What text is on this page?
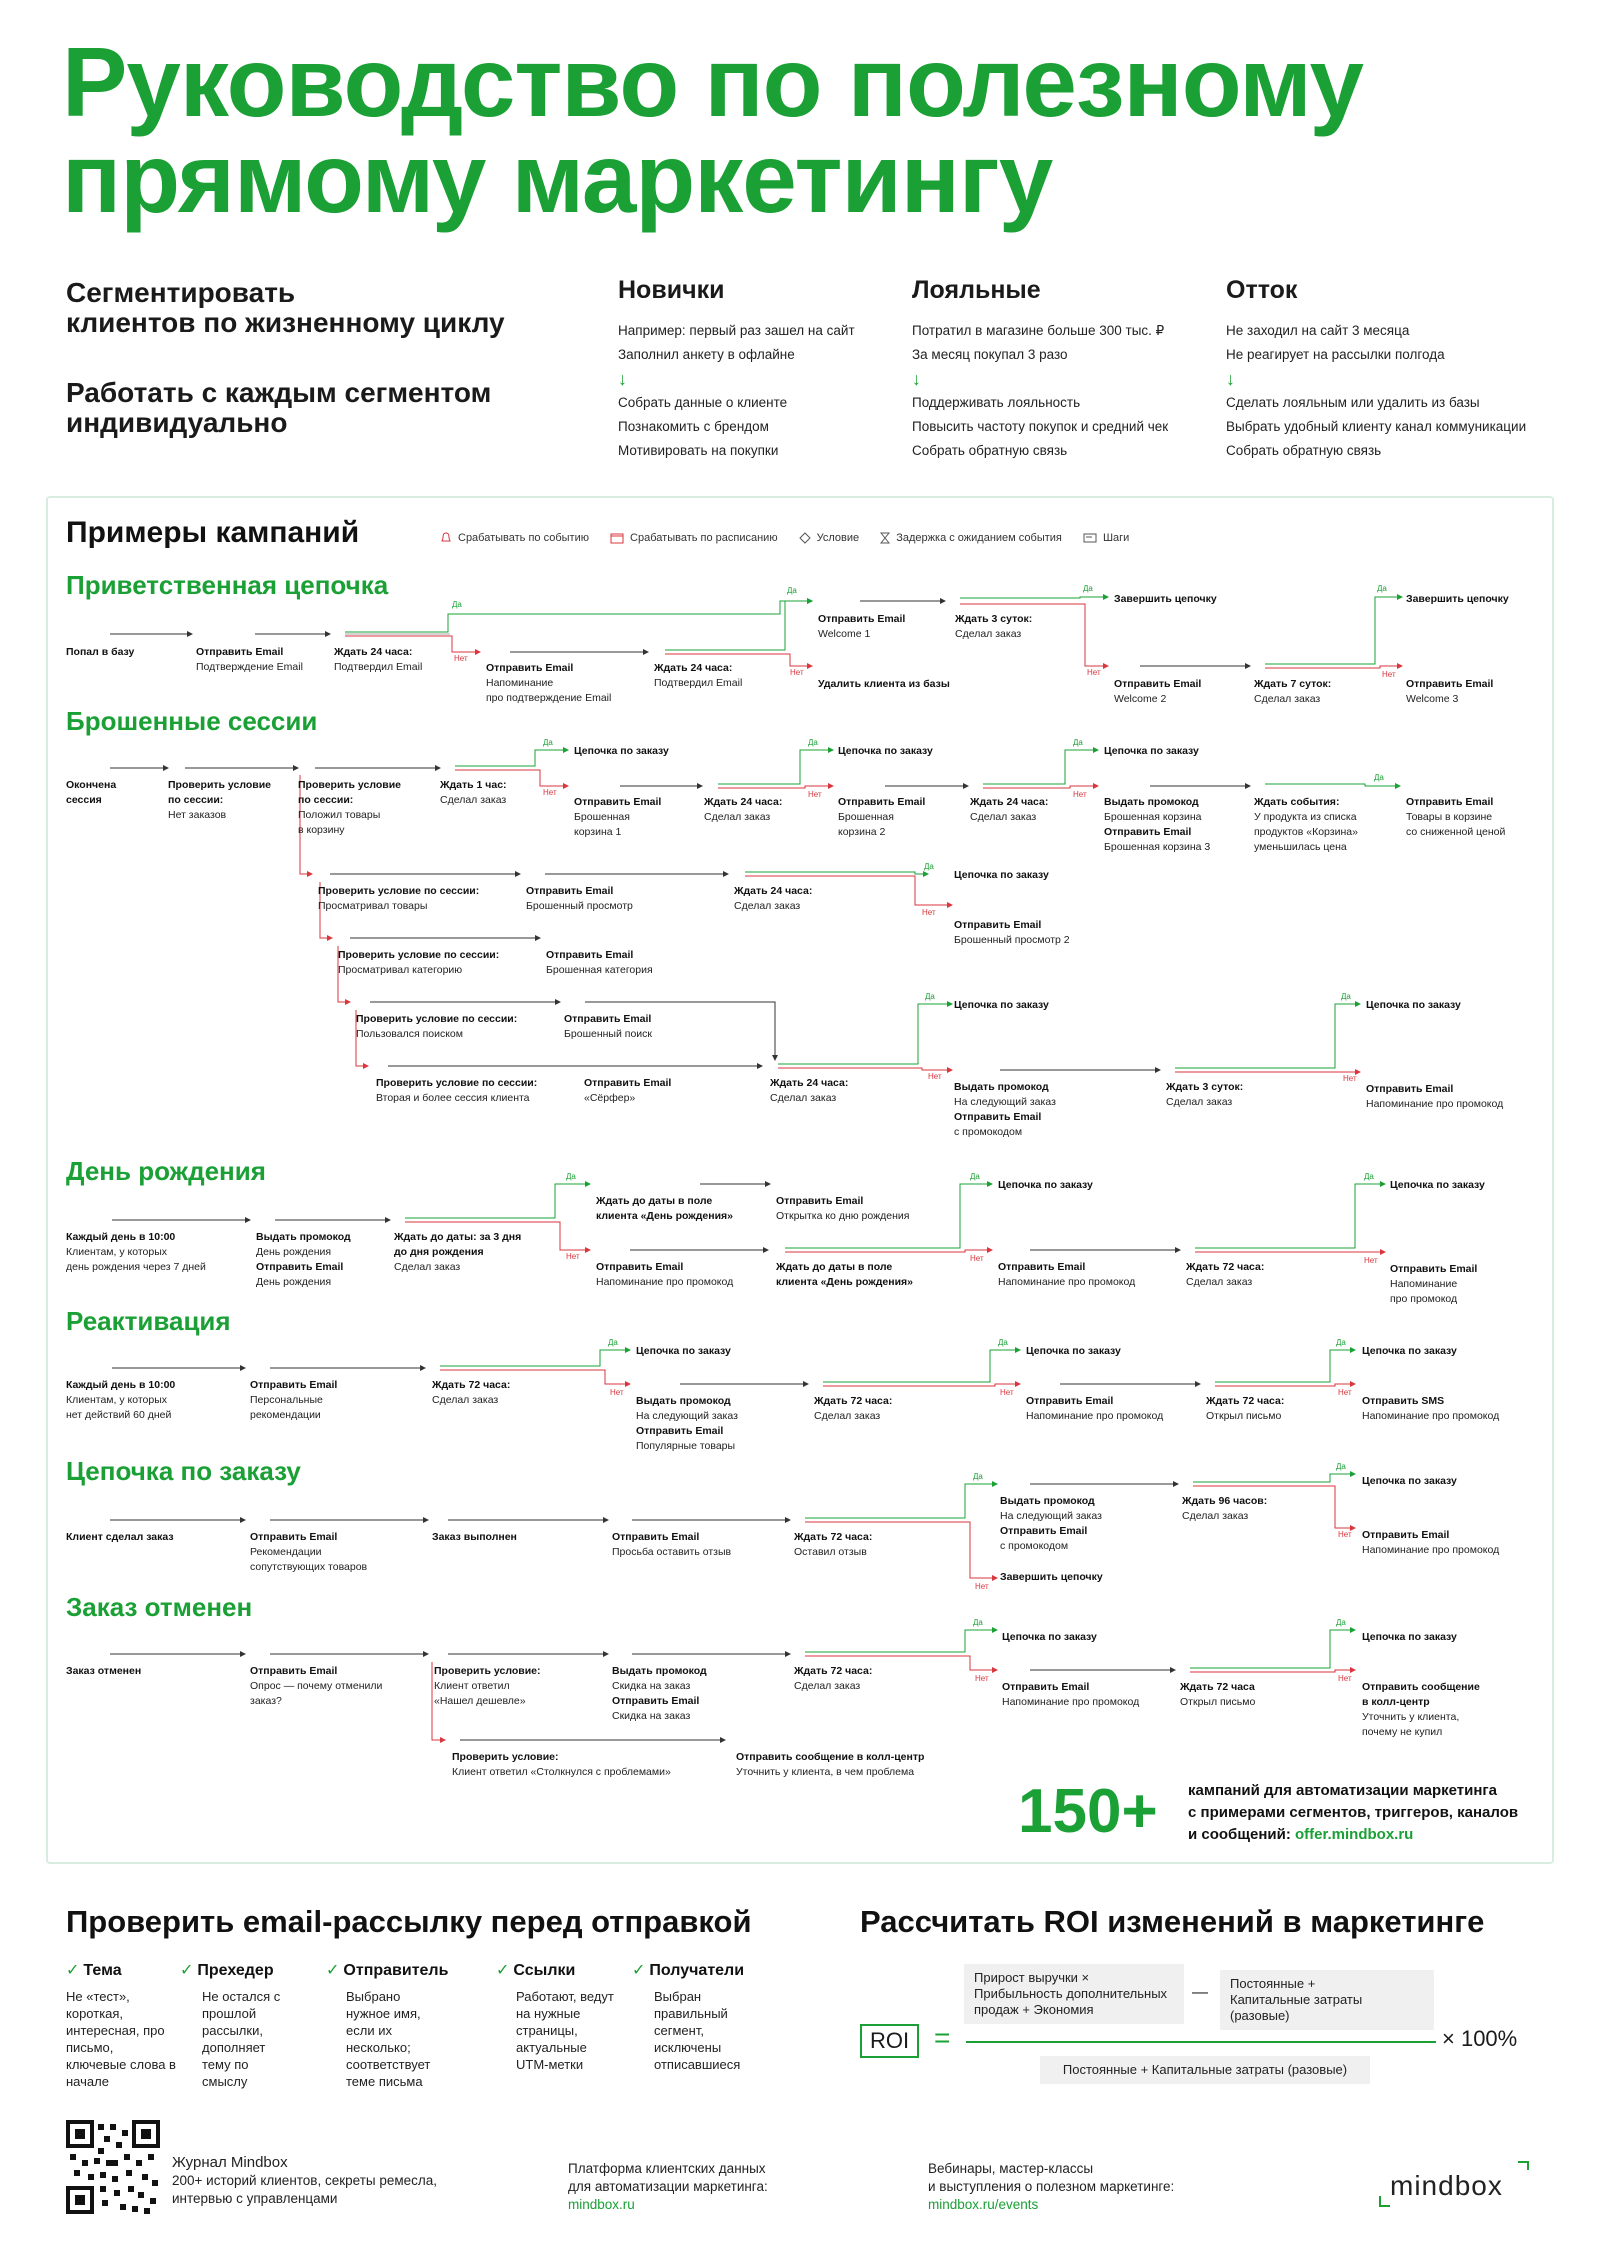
Руководство по полезному
прямому маркетингу
Сегментировать
клиентов по жизненному циклу
Работать с каждым сегментом
индивидуально
Новички
Например: первый раз зашел на сайт
Заполнил анкету в офлайне
↓
Собрать данные о клиенте
Познакомить с брендом
Мотивировать на покупки
Лояльные
Потратил в магазине больше 300 тыс. ₽
За месяц покупал 3 разо
↓
Поддерживать лояльность
Повысить частоту покупок и средний чек
Собрать обратную связь
Отток
Не заходил на сайт 3 месяца
Не реагирует на рассылки полгода
↓
Сделать лояльным или удалить из базы
Выбрать удобный клиенту канал коммуникации
Собрать обратную связь
Примеры кампаний	Срабатывать по событию
	Срабатывать по расписанию
	Условие
	Задержка с ожиданием события
	Шаги
Приветственная цепочка
Брошенные сессии
День рождения
Реактивация
Цепочка по заказу
Заказ отменен
Попал в базу	Отправить Email
Подтверждение Email
Ждать 24 часа:
Подтвердил Email	Отправить Email
Напоминание
про подтверждение Email
Ждать 24 часа:
Подтвердил Email
Отправить Email
Welcome 1
Удалить клиента из базы
Ждать 3 суток:
Сделал заказ
Завершить цепочку
Отправить Email
Welcome 2
Ждать 7 суток:
Сделал заказ
Завершить цепочку
Отправить Email
Welcome 3
Окончена
сессия
Проверить условие
по сессии:
Нет заказов
Проверить условие
по сессии:
Положил товары
в корзину
Ждать 1 час:
Сделал заказ
Цепочка по заказу
Отправить Email
Брошенная
корзина 1
Ждать 24 часа:
Сделал заказ
Цепочка по заказу
Отправить Email
Брошенная
корзина 2
Ждать 24 часа:
Сделал заказ
Цепочка по заказу
Выдать промокод
Брошенная корзина
Отправить Email
Брошенная корзина 3
Ждать события:
У продукта из списка
продуктов «Корзина»
уменьшилась цена
Отправить Email
Товары в корзине
со сниженной ценой
Проверить условие по сессии:
Просматривал товары
Отправить Email
Брошенный просмотр
Ждать 24 часа:
Сделал заказ
Цепочка по заказу
Отправить Email
Брошенный просмотр 2
Проверить условие по сессии:
Просматривал категорию
Отправить Email
Брошенная категория
Проверить условие по сессии:
Пользовался поиском
Отправить Email
Брошенный поиск
Проверить условие по сессии:
Вторая и более сессия клиента
Отправить Email
«Сёрфер»
Ждать 24 часа:
Сделал заказ
Цепочка по заказу
Выдать промокод
На следующий заказ
Отправить Email
с промокодом
Ждать 3 суток:
Сделал заказ
Цепочка по заказу
Отправить Email
Напоминание про промокод
Каждый день в 10:00
Клиентам, у которых
день рождения через 7 дней
Выдать промокод
День рождения
Отправить Email
День рождения
Ждать до даты: за 3 дня
до дня рождения
Сделал заказ
Ждать до даты в поле
клиента «День рождения»
Отправить Email
Открытка ко дню рождения
Отправить Email
Напоминание про промокод
Ждать до даты в поле
клиента «День рождения»
Цепочка по заказу
Отправить Email
Напоминание про промокод
Ждать 72 часа:
Сделал заказ
Цепочка по заказу
Отправить Email
Напоминание
про промокод
Каждый день в 10:00
Клиентам, у которых
нет действий 60 дней
Отправить Email
Персональные
рекомендации
Ждать 72 часа:
Сделал заказ
Цепочка по заказу
Выдать промокод
На следующий заказ
Отправить Email
Популярные товары
Ждать 72 часа:
Сделал заказ
Цепочка по заказу
Отправить Email
Напоминание про промокод
Ждать 72 часа:
Открыл письмо
Цепочка по заказу
Отправить SMS
Напоминание про промокод
Клиент сделал заказ	Отправить Email
Рекомендации
сопутствующих товаров
Заказ выполнен	Отправить Email
Просьба оставить отзыв
Ждать 72 часа:
Оставил отзыв
Выдать промокод
На следующий заказ
Отправить Email
с промокодом
Завершить цепочку
Ждать 96 часов:
Сделал заказ
Цепочка по заказу
Отправить Email
Напоминание про промокод
Заказ отменен	Отправить Email
Опрос — почему отменили
заказ?
Проверить условие:
Клиент ответил
«Нашел дешевле»
Выдать промокод
Скидка на заказ
Отправить Email
Скидка на заказ
Ждать 72 часа:
Сделал заказ
Цепочка по заказу
Отправить Email
Напоминание про промокод
Ждать 72 часа
Открыл письмо
Цепочка по заказу
Отправить сообщение
в колл-центр
Уточнить у клиента,
почему не купил
Проверить условие:
Клиент ответил «Столкнулся с проблемами»
Отправить сообщение в колл-центр
Уточнить у клиента, в чем проблема
Да
Нет
Да
Нет
Да
Нет
Да
Нет
Да
Нет
Да
Нет
Да
Нет
Да
Да
Нет
Да
Нет
Да
Нет
Да
Нет
Да
Нет
Да
Нет
Да
Нет
Да
Нет
Да
Нет
Да
Нет
Да
Нет
Да
Нет
Да
Нет
150+ кампаний для автоматизации маркетинга
с примерами сегментов, триггеров, каналов
и сообщений: offer.mindbox.ru
Проверить email-рассылку перед отправкой
✓ Тема
Не «тест», короткая, интересная, про письмо, ключевые слова в начале
✓ Прехедер
Не остался с прошлой рассылки, дополняет тему по смыслу
✓ Отправитель
Выбрано нужное имя, если их несколько; соответствует теме письма
✓ Ссылки
Работают, ведут на нужные страницы, актуальные UTM-метки
✓ Получатели
Выбран правильный сегмент, исключены отписавшиеся
Рассчитать ROI изменений в маркетинге
Прирост выручки ×
Прибыльность дополнительных
продаж + Экономия
—
Постоянные +
Капитальные затраты (разовые)
ROI =	× 100%
Постоянные + Капитальные затраты (разовые)
Журнал Mindbox
200+ историй клиентов, секреты ремесла,
интервью с управленцами
Платформа клиентских данных
для автоматизации маркетинга:
mindbox.ru
Вебинары, мастер-классы
и выступления о полезном маркетинге:
mindbox.ru/events
mindbox
